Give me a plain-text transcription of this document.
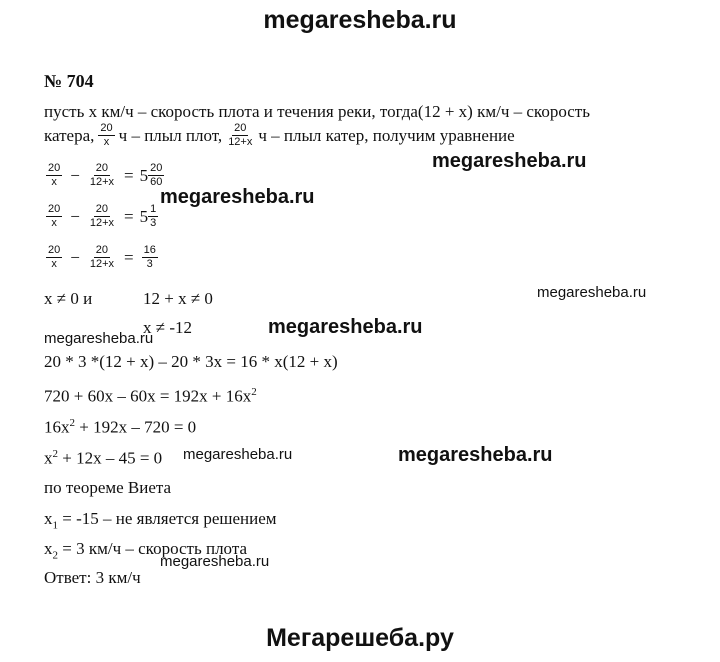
megaresheba.ru
№ 704
пусть x км/ч – скорость плота и течения реки, тогда(12 + x) км/ч – скорость
катера, $\frac{20}{x}$ ч – плыл плот, $\frac{20}{12+x}$ ч – плыл катер, получим уравнение
$\frac{20}{x} - \frac{20}{12+x} = 5 \frac{20}{60}$
$\frac{20}{x} - \frac{20}{12+x} = 5 \frac{1}{3}$
$\frac{20}{x} - \frac{20}{12+x} = \frac{16}{3}$
x ≠ 0 и	12 + x ≠ 0
x ≠ -12
20 * 3 *(12 + x) – 20 * 3x = 16 * x(12 + x)
$720 + 60x - 60x = 192x + 16x^2$
$16x^2 + 192x - 720 = 0$
$x^2 + 12x - 45 = 0$
по теореме Виета
$x_1 = -15$ – не является решением
$x_2 = 3$ км/ч – скорость плота
Ответ: 3 км/ч
megaresheba.ru
megaresheba.ru
megaresheba.ru
megaresheba.ru
megaresheba.ru
megaresheba.ru	megaresheba.ru
megaresheba.ru
Мегарешеба.ру
